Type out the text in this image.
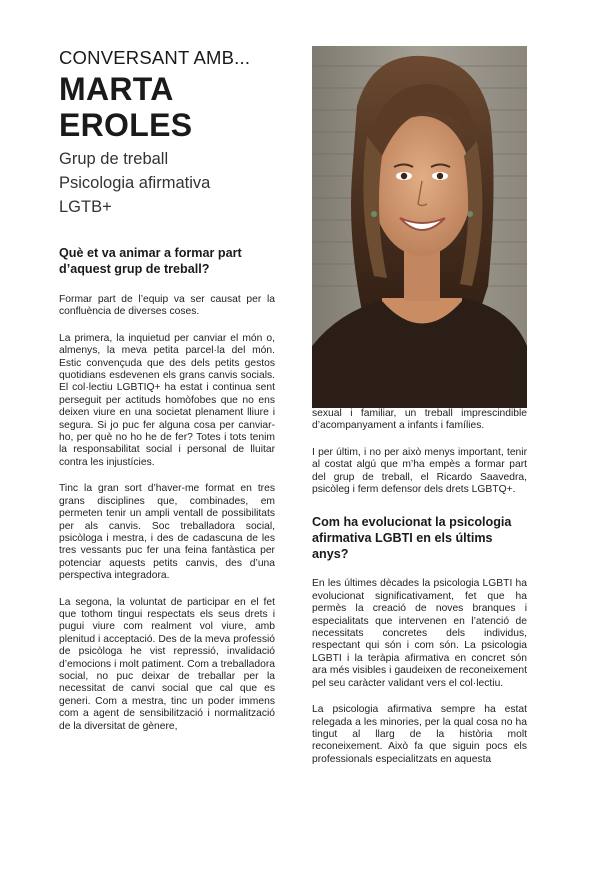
CONVERSANT AMB...
MARTA
EROLES
Grup de treball
Psicologia afirmativa
LGTB+
Què et va animar a formar part d’aquest grup de treball?

Formar part de l’equip va ser causat per la confluència de diverses coses.

La primera, la inquietud per canviar el món o, almenys, la meva petita parcel·la del món. Estic convençuda que des dels petits gestos quotidians esdevenen els grans canvis socials. El col·lectiu LGBTIQ+ ha estat i continua sent perseguit per actituds homòfobes que no ens deixen viure en una societat plenament lliure i segura. Si jo puc fer alguna cosa per canviar-ho, per què no ho he de fer? Totes i tots tenim la responsabilitat social i personal de lluitar contra les injustícies.

Tinc la gran sort d’haver-me format en tres grans disciplines que, combinades, em permeten tenir un ampli ventall de possibilitats per als canvis. Soc treballadora social, psicòloga i mestra, i des de cadascuna de les tres vessants puc fer una feina fantàstica per potenciar aquests petits canvis, des d’una perspectiva integradora.

La segona, la voluntat de participar en el fet que tothom tingui respectats els seus drets i pugui viure com realment vol viure, amb plenitud i acceptació. Des de la meva professió de psicòloga he vist repressió, invalidació d’emocions i molt patiment. Com a treballadora social, no puc deixar de treballar per la necessitat de canvi social que cal que es generi. Com a mestra, tinc un poder immens com a agent de sensibilització i normalització de la diversitat de gènere,

sexual i familiar, un treball imprescindible d’acompanyament a infants i famílies.

I per últim, i no per això menys important, tenir al costat algú que m’ha empès a formar part del grup de treball, el Ricardo Saavedra, psicòleg i ferm defensor dels drets LGBTQ+.

Com ha evolucionat la psicologia afirmativa LGBTI en els últims anys?

En les últimes dècades la psicologia LGBTI ha evolucionat significativament, fet que ha permès la creació de noves branques i especialitats que intervenen en l’atenció de necessitats concretes dels individus, respectant qui són i com són. La psicologia LGBTI i la teràpia afirmativa en concret són ara més visibles i gaudeixen de reconeixement pel seu caràcter validant vers el col·lectiu.

La psicologia afirmativa sempre ha estat relegada a les minories, per la qual cosa no ha tingut al llarg de la història molt reconeixement. Això fa que siguin pocs els professionals especialitzats en aquesta
